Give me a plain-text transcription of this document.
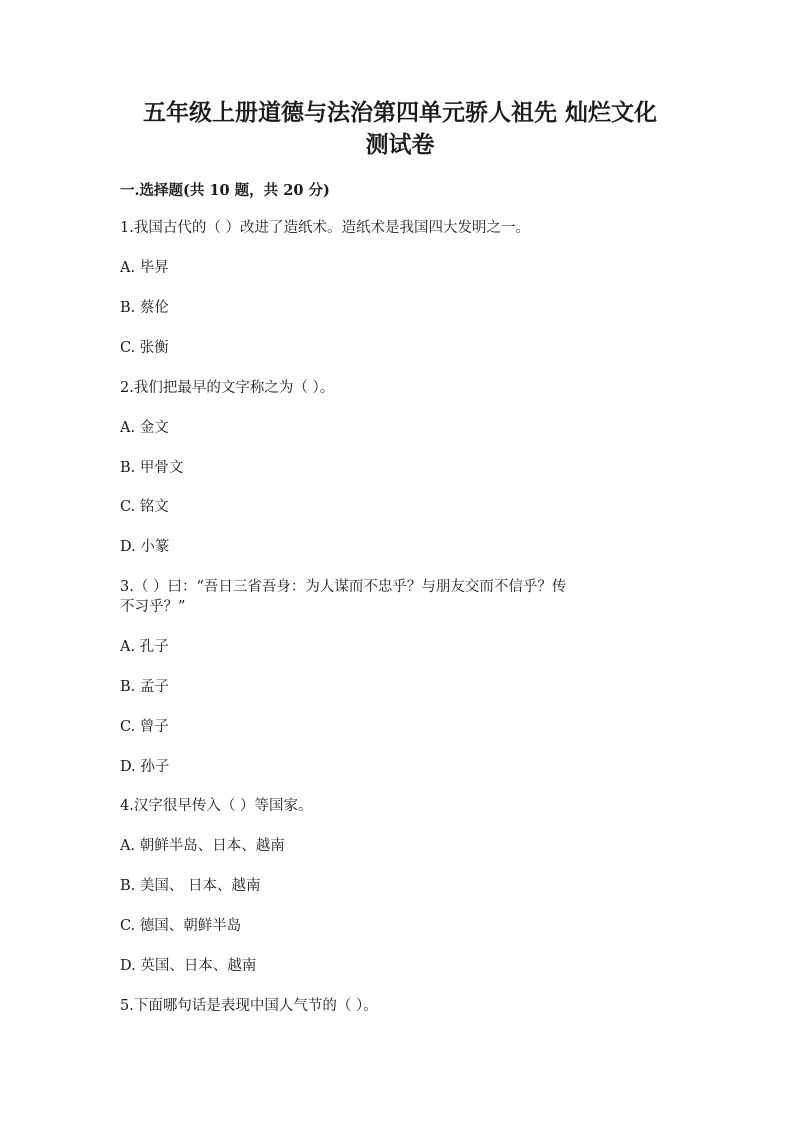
五年级上册道德与法治第四单元骄人祖先 灿烂文化
测试卷

一.选择题(共 10 题，共 20 分)

1.我国古代的（ ）改进了造纸术。造纸术是我国四大发明之一。

A. 毕昇

B. 蔡伦

C. 张衡

2.我们把最早的文字称之为（ ）。

A. 金文

B. 甲骨文

C. 铭文

D. 小篆

3.（ ）曰：“吾日三省吾身：为人谋而不忠乎？与朋友交而不信乎？传
不习乎？”

A. 孔子

B. 孟子

C. 曾子

D. 孙子

4.汉字很早传入（ ）等国家。

A. 朝鲜半岛、日本、越南

B. 美国、 日本、越南

C. 德国、朝鲜半岛

D. 英国、日本、越南

5.下面哪句话是表现中国人气节的（ ）。
